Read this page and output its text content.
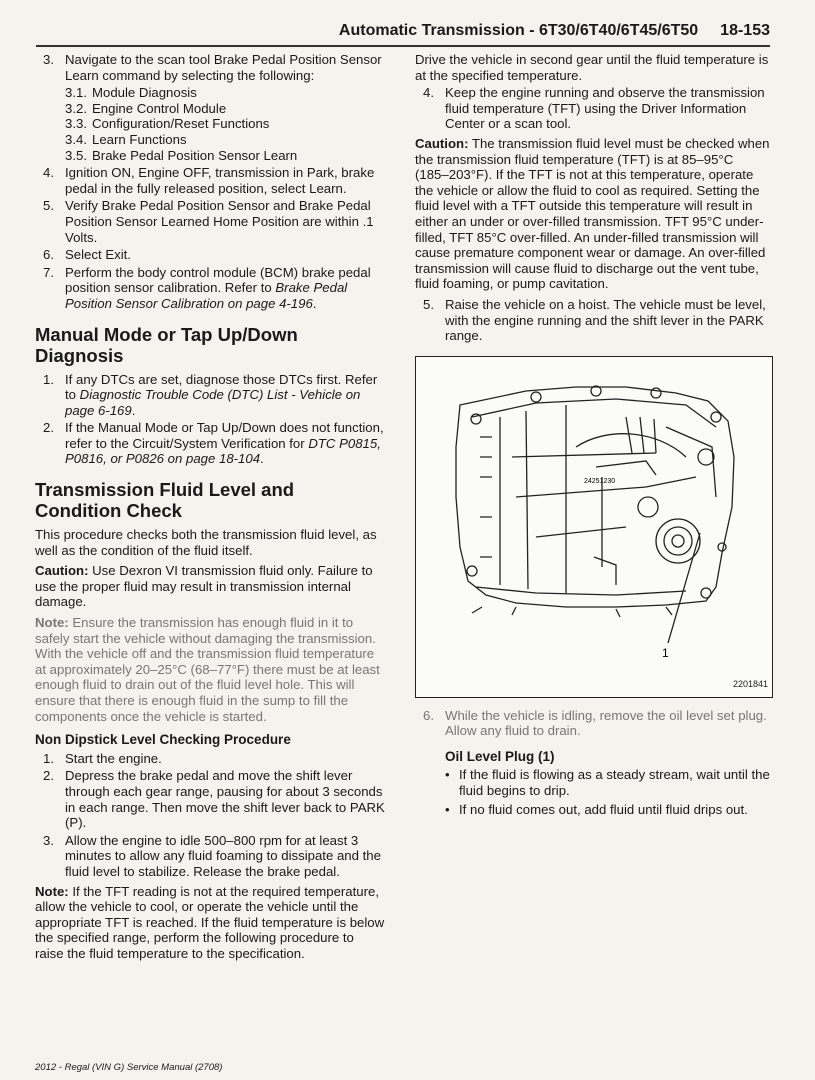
Automatic Transmission - 6T30/6T40/6T45/6T50 18-153
3. Navigate to the scan tool Brake Pedal Position Sensor Learn command by selecting the following:
3.1. Module Diagnosis
3.2. Engine Control Module
3.3. Configuration/Reset Functions
3.4. Learn Functions
3.5. Brake Pedal Position Sensor Learn
4. Ignition ON, Engine OFF, transmission in Park, brake pedal in the fully released position, select Learn.
5. Verify Brake Pedal Position Sensor and Brake Pedal Position Sensor Learned Home Position are within .1 Volts.
6. Select Exit.
7. Perform the body control module (BCM) brake pedal position sensor calibration. Refer to Brake Pedal Position Sensor Calibration on page 4-196.
Manual Mode or Tap Up/Down Diagnosis
1. If any DTCs are set, diagnose those DTCs first. Refer to Diagnostic Trouble Code (DTC) List - Vehicle on page 6-169.
2. If the Manual Mode or Tap Up/Down does not function, refer to the Circuit/System Verification for DTC P0815, P0816, or P0826 on page 18-104.
Transmission Fluid Level and Condition Check

This procedure checks both the transmission fluid level, as well as the condition of the fluid itself.

Caution: Use Dexron VI transmission fluid only. Failure to use the proper fluid may result in transmission internal damage.

Note: Ensure the transmission has enough fluid in it to safely start the vehicle without damaging the transmission. With the vehicle off and the transmission fluid temperature at approximately 20–25°C (68–77°F) there must be at least enough fluid to drain out of the fluid level hole. This will ensure that there is enough fluid in the sump to fill the components once the vehicle is started.

Non Dipstick Level Checking Procedure
1. Start the engine.
2. Depress the brake pedal and move the shift lever through each gear range, pausing for about 3 seconds in each range. Then move the shift lever back to PARK (P).
3. Allow the engine to idle 500–800 rpm for at least 3 minutes to allow any fluid foaming to dissipate and the fluid level to stabilize. Release the brake pedal.

Note: If the TFT reading is not at the required temperature, allow the vehicle to cool, or operate the vehicle until the appropriate TFT is reached. If the fluid temperature is below the specified range, perform the following procedure to raise the fluid temperature to the specification.

Drive the vehicle in second gear until the fluid temperature is at the specified temperature.

4. Keep the engine running and observe the transmission fluid temperature (TFT) using the Driver Information Center or a scan tool.

Caution: The transmission fluid level must be checked when the transmission fluid temperature (TFT) is at 85–95°C (185–203°F). If the TFT is not at this temperature, operate the vehicle or allow the fluid to cool as required. Setting the fluid level with a TFT outside this temperature will result in either an under or over-filled transmission. TFT 95°C under-filled, TFT 85°C over-filled. An under-filled transmission will cause premature component wear or damage. An over-filled transmission will cause fluid to discharge out the vent tube, fluid foaming, or pump cavitation.

5. Raise the vehicle on a hoist. The vehicle must be level, with the engine running and the shift lever in the PARK range.
24251230
1
2201841
6. While the vehicle is idling, remove the oil level set plug. Allow any fluid to drain.
Oil Level Plug (1)
• If the fluid is flowing as a steady stream, wait until the fluid begins to drip.
• If no fluid comes out, add fluid until fluid drips out.
2012 - Regal (VIN G) Service Manual (2708)
